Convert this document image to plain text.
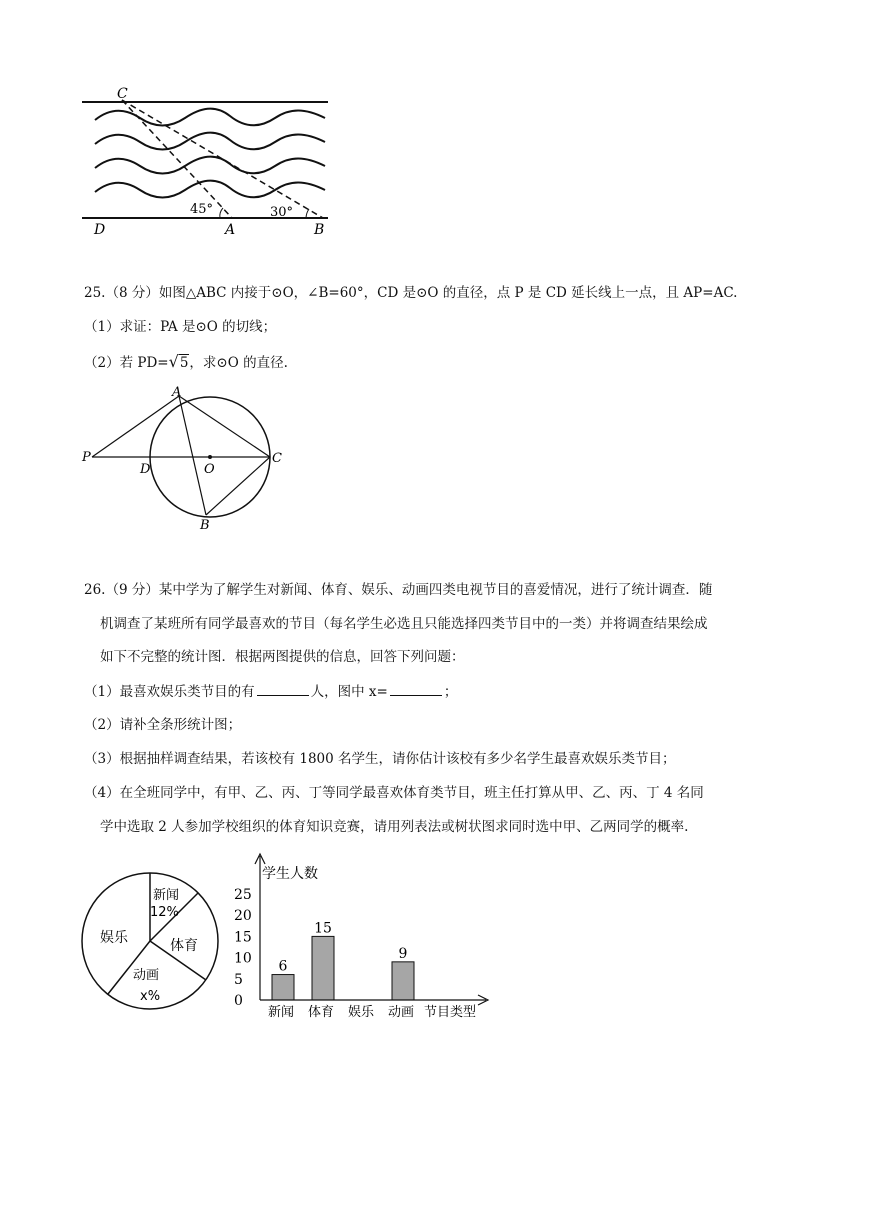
C
D	A	B
45°	30°
25.（8 分）如图△ABC 内接于⊙O，∠B=60°，CD 是⊙O 的直径，点 P 是 CD 延长线上一点，且 AP=AC.
（1）求证：PA 是⊙O 的切线；
（2）若 PD=√5，求⊙O 的直径.
A
P
D	O
C
B
26.（9 分）某中学为了解学生对新闻、体育、娱乐、动画四类电视节目的喜爱情况，进行了统计调查．随
机调查了某班所有同学最喜欢的节目（每名学生必选且只能选择四类节目中的一类）并将调查结果绘成
如下不完整的统计图．根据两图提供的信息，回答下列问题：
（1）最喜欢娱乐类节目的有	人，图中 x=	；
（2）请补全条形统计图；
（3）根据抽样调查结果，若该校有 1800 名学生，请你估计该校有多少名学生最喜欢娱乐类节目；
（4）在全班同学中，有甲、乙、丙、丁等同学最喜欢体育类节目，班主任打算从甲、乙、丙、丁 4 名同
学中选取 2 人参加学校组织的体育知识竞赛，请用列表法或树状图求同时选中甲、乙两同学的概率.
新闻
12%
娱乐	体育
动画
x%	0
5
10
15
20
25
6
新闻
15
体育 娱乐
9
动画
学生人数
节目类型
